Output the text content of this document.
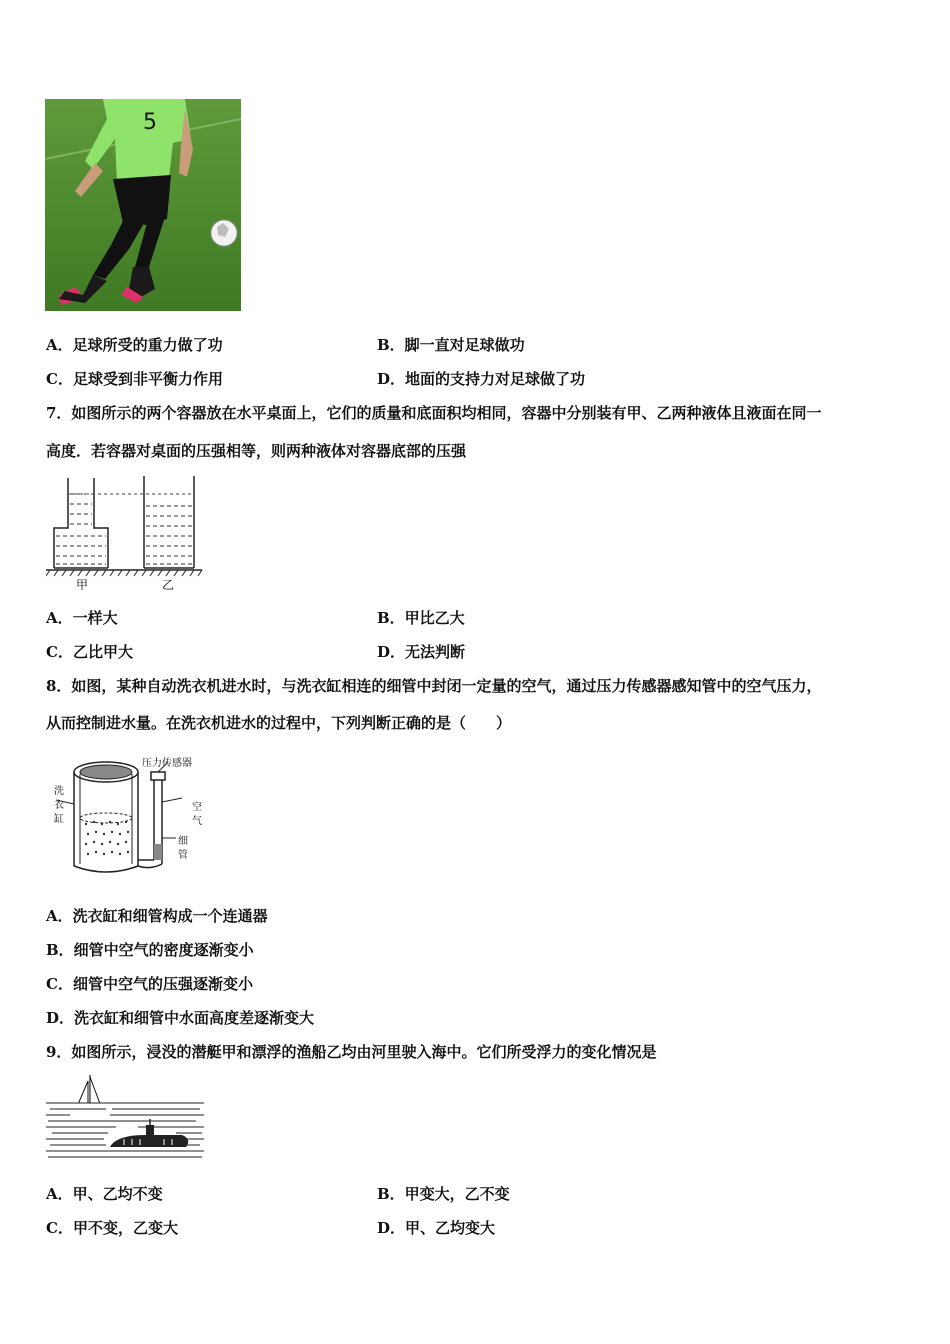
5
A．足球所受的重力做了功	B．脚一直对足球做功
C．足球受到非平衡力作用	D．地面的支持力对足球做了功
7．如图所示的两个容器放在水平桌面上，它们的质量和底面积均相同，容器中分别装有甲、乙两种液体且液面在同一
高度．若容器对桌面的压强相等，则两种液体对容器底部的压强
甲	乙
A．一样大	B．甲比乙大
C．乙比甲大	D．无法判断
8．如图，某种自动洗衣机进水时，与洗衣缸相连的细管中封闭一定量的空气，通过压力传感器感知管中的空气压力，
从而控制进水量。在洗衣机进水的过程中，下列判断正确的是（　　）
压力传感器
洗
衣
缸
空
气
细
管
A．洗衣缸和细管构成一个连通器
B．细管中空气的密度逐渐变小
C．细管中空气的压强逐渐变小
D．洗衣缸和细管中水面高度差逐渐变大
9．如图所示，浸没的潜艇甲和漂浮的渔船乙均由河里驶入海中。它们所受浮力的变化情况是
A．甲、乙均不变	B．甲变大，乙不变
C．甲不变，乙变大	D．甲、乙均变大
